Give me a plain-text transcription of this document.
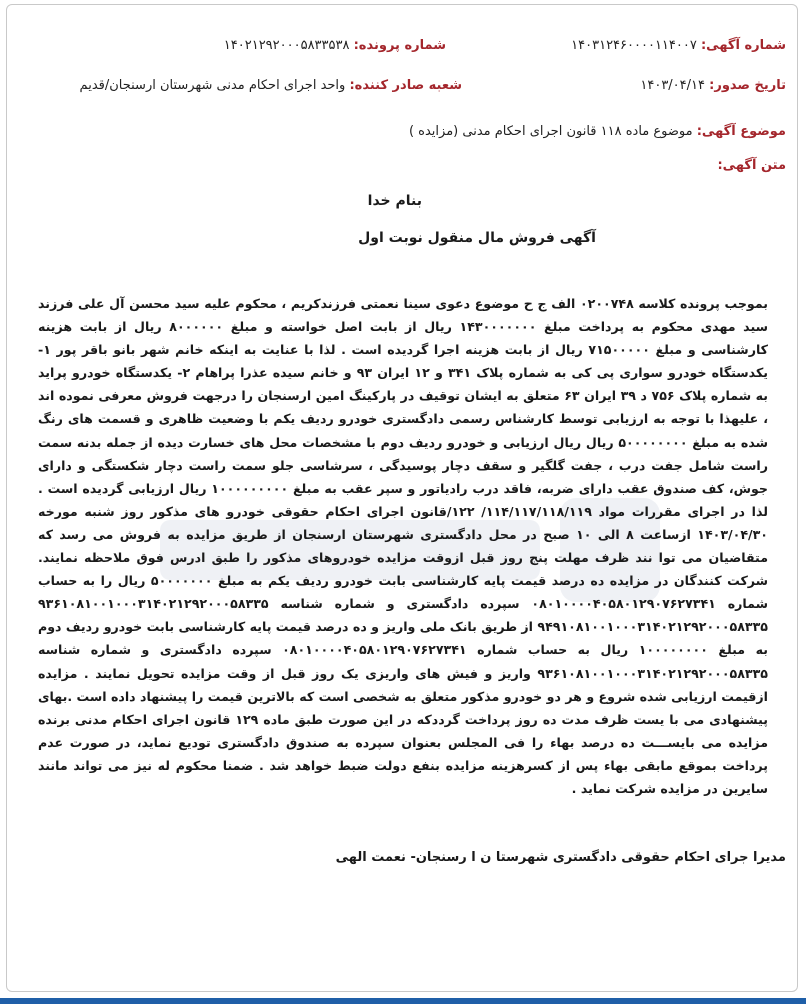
شماره آگهی: ۱۴۰۳۱۲۴۶۰۰۰۰۱۱۴۰۰۷
شماره پرونده: ۱۴۰۲۱۲۹۲۰۰۰۵۸۳۳۵۳۸
تاریخ صدور: ۱۴۰۳/۰۴/۱۴
شعبه صادر کننده: واحد اجرای احکام مدنی شهرستان ارسنجان/قدیم
موضوع آگهی: موضوع ماده ۱۱۸ قانون اجرای احکام مدنی (مزایده )
متن آگهی:
بنام خدا
آگهی فروش مال منقول نوبت اول
بموجب پرونده کلاسه ۰۲۰۰۷۴۸ الف ج ح موضوع دعوی سینا نعمتی فرزندکریم ، محکوم علیه سید محسن آل علی فرزند سید مهدی محکوم به پرداخت مبلغ ۱۴۳۰۰۰۰۰۰۰ ریال از بابت اصل خواسته و مبلغ ۸۰۰۰۰۰۰ ریال از بابت هزینه کارشناسی و مبلغ ۷۱۵۰۰۰۰۰ ریال از بابت هزینه اجرا گردیده است . لذا با عنایت به اینکه خانم شهر بانو باقر پور ۱- یکدستگاه خودرو سواری پی کی به شماره پلاک ۳۴۱ و ۱۲ ایران ۹۳ و خانم سیده عذرا پراهام ۲- یکدستگاه خودرو پراید به شماره پلاک ۷۵۶ د ۳۹ ایران ۶۳ متعلق به ایشان توقیف در پارکینگ امین ارسنجان را درجهت فروش معرفی نموده اند ، علیهذا با توجه به ارزیابی توسط کارشناس رسمی دادگستری خودرو ردیف یکم با وضعیت ظاهری و قسمت های رنگ شده به مبلغ ۵۰۰۰۰۰۰۰۰ ریال ریال ارزیابی و خودرو ردیف دوم با مشخصات محل های خسارت دیده از جمله بدنه سمت راست شامل جفت درب ، جفت گلگیر و سقف دچار پوسیدگی ، سرشاسی جلو سمت راست دچار شکستگی و دارای جوش، کف صندوق عقب دارای ضربه، فاقد درب رادیاتور و سپر عقب به مبلغ ۱۰۰۰۰۰۰۰۰۰ ریال ارزیابی گردیده است . لذا در اجرای مقررات مواد ۱۱۴/۱۱۷/۱۱۸/۱۱۹/ ۱۲۲/قانون اجرای احکام حقوقی خودرو های مذکور روز شنبه مورخه ۱۴۰۳/۰۴/۳۰ ازساعت ۸ الی ۱۰ صبح در محل دادگستری شهرستان ارسنجان از طریق مزایده به فروش می رسد که متقاضیان می توا نند ظرف مهلت پنج روز قبل ازوقت مزایده خودروهای مذکور را طبق ادرس فوق ملاحظه نمایند. شرکت کنندگان در مزایده ده درصد قیمت پایه کارشناسی بابت خودرو ردیف یکم به مبلغ ۵۰۰۰۰۰۰۰ ریال را به حساب شماره ۰۸۰۱۰۰۰۰۴۰۵۸۰۱۲۹۰۷۶۲۷۳۴۱ سپرده دادگستری و شماره شناسه ۹۳۶۱۰۸۱۰۰۱۰۰۰۳۱۴۰۲۱۲۹۲۰۰۰۵۸۳۳۵ ۹۴۹۱۰۸۱۰۰۱۰۰۰۳۱۴۰۲۱۲۹۲۰۰۰۵۸۳۳۵ از طریق بانک ملی واریز و ده درصد قیمت پایه کارشناسی بابت خودرو ردیف دوم به مبلغ ۱۰۰۰۰۰۰۰۰ ریال به حساب شماره ۰۸۰۱۰۰۰۰۴۰۵۸۰۱۲۹۰۷۶۲۷۳۴۱ سپرده دادگستری و شماره شناسه ۹۳۶۱۰۸۱۰۰۱۰۰۰۳۱۴۰۲۱۲۹۲۰۰۰۵۸۳۳۵ واریز و فیش های واریزی یک روز قبل از وقت مزایده تحویل نمایند . مزایده ازقیمت ارزیابی شده شروع و هر دو خودرو مذکور متعلق به شخصی است که بالاترین قیمت را پیشنهاد داده است .بهای پیشنهادی می با یست ظرف مدت ده روز پرداخت گرددکه در این صورت طبق ماده ۱۲۹ قانون اجرای احکام مدنی برنده مزایده می بایســـت ده درصد بهاء را فی المجلس بعنوان سپرده به صندوق دادگستری تودیع نماید، در صورت عدم پرداخت بموقع مابقی بهاء پس از کسرهزینه مزایده بنفع دولت ضبط خواهد شد . ضمنا محکوم له نیز می تواند مانند سایرین در مزایده شرکت نماید .
مدیرا جرای احکام حقوقی دادگستری شهرستا ن ا رسنجان- نعمت الهی
